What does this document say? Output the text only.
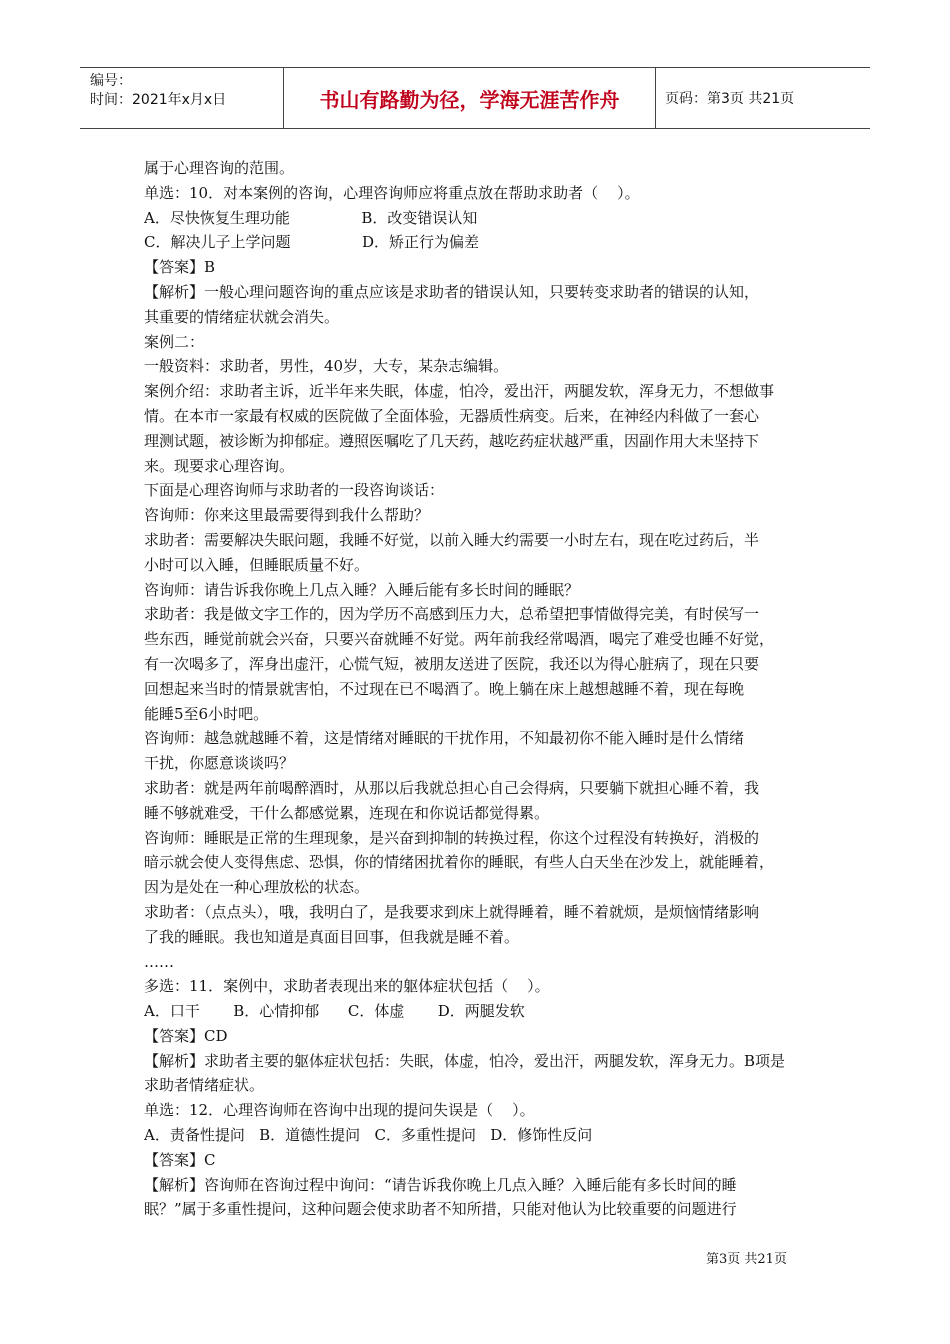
编号：
时间：2021年x月x日	书山有路勤为径，学海无涯苦作舟	页码：第3页 共21页
属于心理咨询的范围。
单选：10．对本案例的咨询，心理咨询师应将重点放在帮助求助者（    ）。
A．尽快恢复生理功能               B．改变错误认知
C．解决儿子上学问题               D．矫正行为偏差
【答案】B
【解析】一般心理问题咨询的重点应该是求助者的错误认知，只要转变求助者的错误的认知，
其重要的情绪症状就会消失。
案例二：
一般资料：求助者，男性，40岁，大专，某杂志编辑。
案例介绍：求助者主诉，近半年来失眠，体虚，怕冷，爱出汗，两腿发软，浑身无力，不想做事
情。在本市一家最有权威的医院做了全面体验，无器质性病变。后来，在神经内科做了一套心
理测试题，被诊断为抑郁症。遵照医嘱吃了几天药，越吃药症状越严重，因副作用大未坚持下
来。现要求心理咨询。
下面是心理咨询师与求助者的一段咨询谈话：
咨询师：你来这里最需要得到我什么帮助？
求助者：需要解决失眠问题，我睡不好觉，以前入睡大约需要一小时左右，现在吃过药后，半
小时可以入睡，但睡眠质量不好。
咨询师：请告诉我你晚上几点入睡？入睡后能有多长时间的睡眠？
求助者：我是做文字工作的，因为学历不高感到压力大，总希望把事情做得完美，有时侯写一
些东西，睡觉前就会兴奋，只要兴奋就睡不好觉。两年前我经常喝酒，喝完了难受也睡不好觉，
有一次喝多了，浑身出虚汗，心慌气短，被朋友送进了医院，我还以为得心脏病了，现在只要
回想起来当时的情景就害怕，不过现在已不喝酒了。晚上躺在床上越想越睡不着，现在每晚
能睡5至6小时吧。
咨询师：越急就越睡不着，这是情绪对睡眠的干扰作用，不知最初你不能入睡时是什么情绪
干扰，你愿意谈谈吗？
求助者：就是两年前喝醉酒时，从那以后我就总担心自己会得病，只要躺下就担心睡不着，我
睡不够就难受，干什么都感觉累，连现在和你说话都觉得累。
咨询师：睡眠是正常的生理现象，是兴奋到抑制的转换过程，你这个过程没有转换好，消极的
暗示就会使人变得焦虑、恐惧，你的情绪困扰着你的睡眠，有些人白天坐在沙发上，就能睡着，
因为是处在一种心理放松的状态。
求助者：（点点头），哦，我明白了，是我要求到床上就得睡着，睡不着就烦，是烦恼情绪影响
了我的睡眠。我也知道是真面目回事，但我就是睡不着。
……
多选：11．案例中，求助者表现出来的躯体症状包括（    ）。
A．口干       B．心情抑郁      C．体虚       D．两腿发软
【答案】CD
【解析】求助者主要的躯体症状包括：失眠，体虚，怕冷，爱出汗，两腿发软，浑身无力。B项是
求助者情绪症状。
单选：12．心理咨询师在咨询中出现的提问失误是（    ）。
A．责备性提问   B．道德性提问   C．多重性提问   D．修饰性反问
【答案】C
【解析】咨询师在咨询过程中询问：“请告诉我你晚上几点入睡？入睡后能有多长时间的睡
眠？”属于多重性提问，这种问题会使求助者不知所措，只能对他认为比较重要的问题进行
第3页 共21页
